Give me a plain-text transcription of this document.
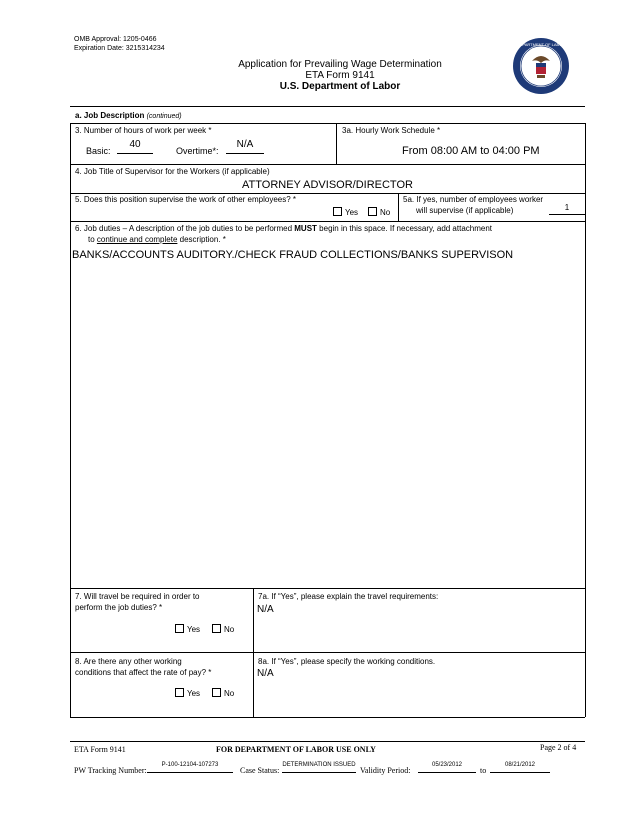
OMB Approval: 1205-0466
Expiration Date: 3215314234
Application for Prevailing Wage Determination
ETA Form 9141
U.S. Department of Labor
DEPARTMENT OF LABOR
a. Job Description (continued)
3. Number of hours of work per week *
Basic:
40
Overtime*:
N/A
3a. Hourly Work Schedule *
From 08:00 AM to 04:00 PM
4. Job Title of Supervisor for the Workers (if applicable)
ATTORNEY ADVISOR/DIRECTOR
5. Does this position supervise the work of other employees? *
Yes	No
5a. If yes, number of employees worker
will supervise (if applicable)	1
6. Job duties – A description of the job duties to be performed MUST begin in this space. If necessary, add attachment
to continue and complete description. *
BANKS/ACCOUNTS AUDITORY./CHECK FRAUD COLLECTIONS/BANKS SUPERVISON
7. Will travel be required in order to
perform the job duties? *
Yes	No
7a. If “Yes”, please explain the travel requirements:
N/A
8. Are there any other working
conditions that affect the rate of pay? *
Yes	No
8a. If “Yes”, please specify the working conditions.
N/A
ETA Form 9141	FOR DEPARTMENT OF LABOR USE ONLY	Page 2 of 4
PW Tracking Number:
P-100-12104-107273
Case Status:
DETERMINATION ISSUED
Validity Period:
05/23/2012
to
08/21/2012
